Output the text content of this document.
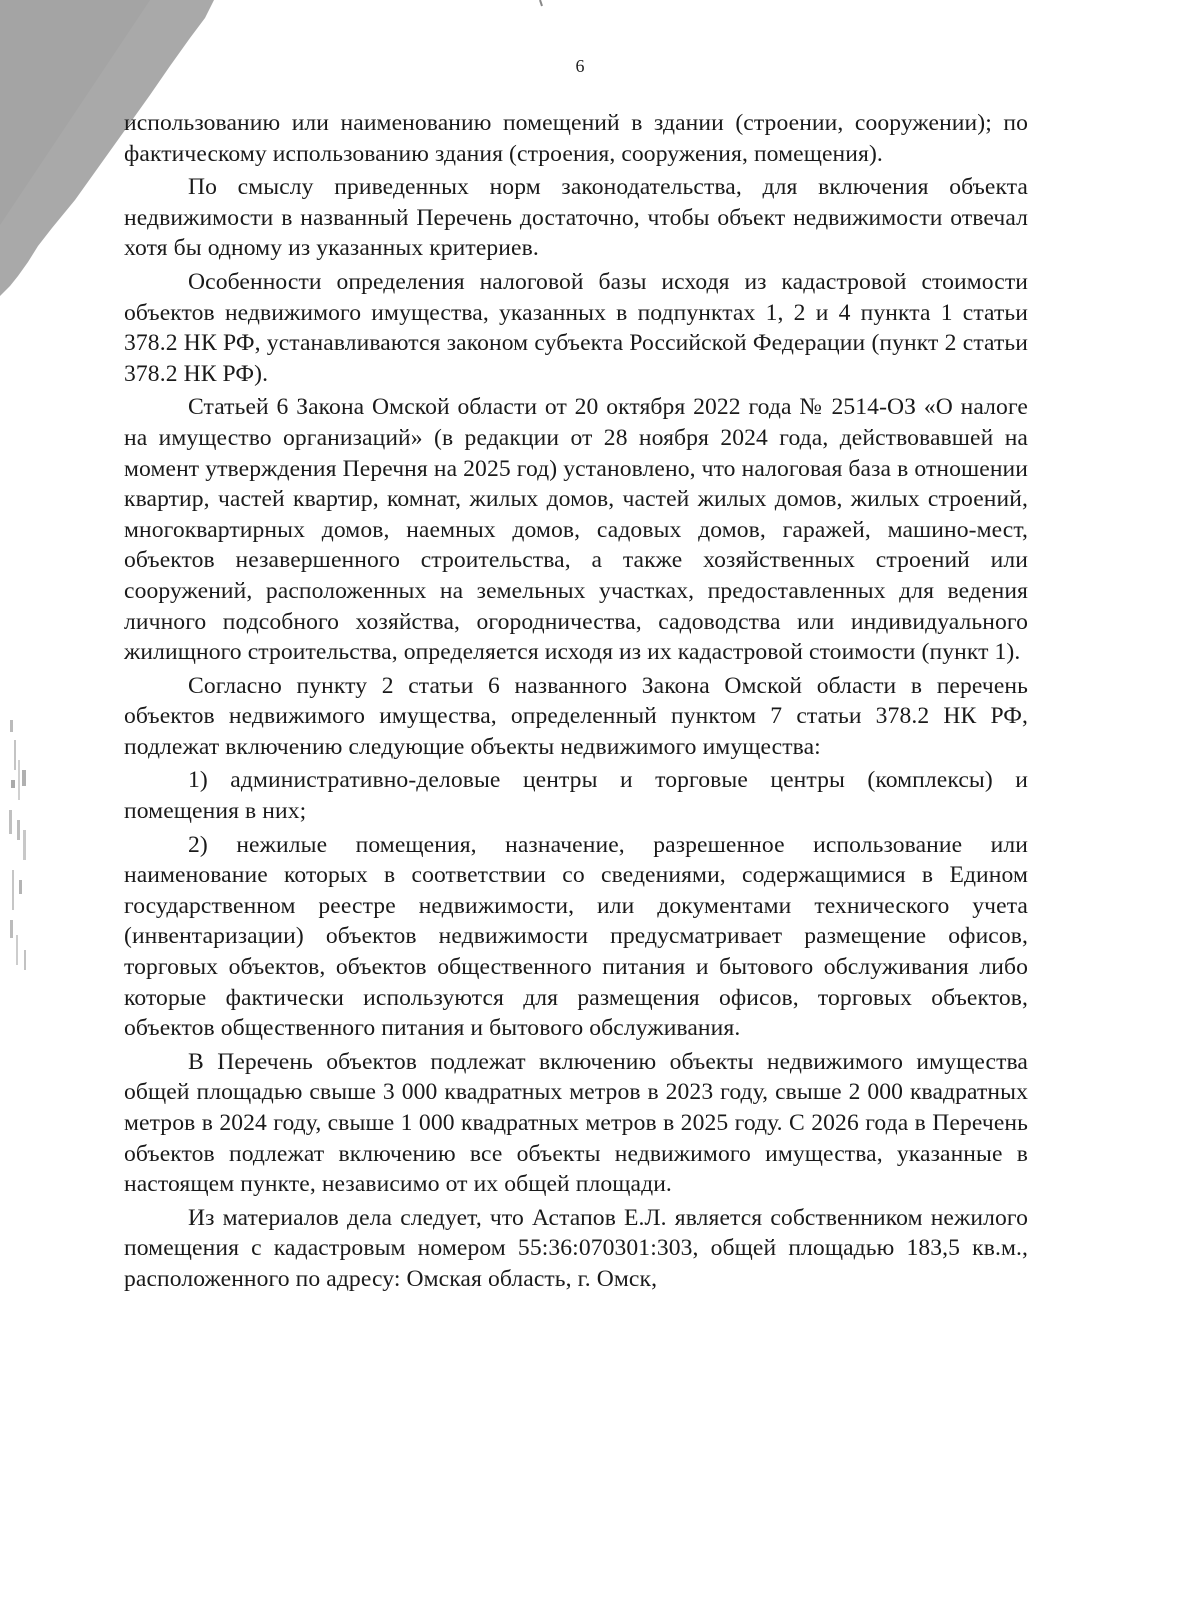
6

использованию или наименованию помещений в здании (строении, сооружении); по фактическому использованию здания (строения, сооружения, помещения).

По смыслу приведенных норм законодательства, для включения объекта недвижимости в названный Перечень достаточно, чтобы объект недвижимости отвечал хотя бы одному из указанных критериев.

Особенности определения налоговой базы исходя из кадастровой стоимости объектов недвижимого имущества, указанных в подпунктах 1, 2 и 4 пункта 1 статьи 378.2 НК РФ, устанавливаются законом субъекта Российской Федерации (пункт 2 статьи 378.2 НК РФ).

Статьей 6 Закона Омской области от 20 октября 2022 года № 2514-ОЗ «О налоге на имущество организаций» (в редакции от 28 ноября 2024 года, действовавшей на момент утверждения Перечня на 2025 год) установлено, что налоговая база в отношении квартир, частей квартир, комнат, жилых домов, частей жилых домов, жилых строений, многоквартирных домов, наемных домов, садовых домов, гаражей, машино-мест, объектов незавершенного строительства, а также хозяйственных строений или сооружений, расположенных на земельных участках, предоставленных для ведения личного подсобного хозяйства, огородничества, садоводства или индивидуального жилищного строительства, определяется исходя из их кадастровой стоимости (пункт 1).

Согласно пункту 2 статьи 6 названного Закона Омской области в перечень объектов недвижимого имущества, определенный пунктом 7 статьи 378.2 НК РФ, подлежат включению следующие объекты недвижимого имущества:

1) административно-деловые центры и торговые центры (комплексы) и помещения в них;

2) нежилые помещения, назначение, разрешенное использование или наименование которых в соответствии со сведениями, содержащимися в Едином государственном реестре недвижимости, или документами технического учета (инвентаризации) объектов недвижимости предусматривает размещение офисов, торговых объектов, объектов общественного питания и бытового обслуживания либо которые фактически используются для размещения офисов, торговых объектов, объектов общественного питания и бытового обслуживания.

В Перечень объектов подлежат включению объекты недвижимого имущества общей площадью свыше 3 000 квадратных метров в 2023 году, свыше 2 000 квадратных метров в 2024 году, свыше 1 000 квадратных метров в 2025 году. С 2026 года в Перечень объектов подлежат включению все объекты недвижимого имущества, указанные в настоящем пункте, независимо от их общей площади.

Из материалов дела следует, что Астапов Е.Л. является собственником нежилого помещения с кадастровым номером 55:36:070301:303, общей площадью 183,5 кв.м., расположенного по адресу: Омская область, г. Омск,
